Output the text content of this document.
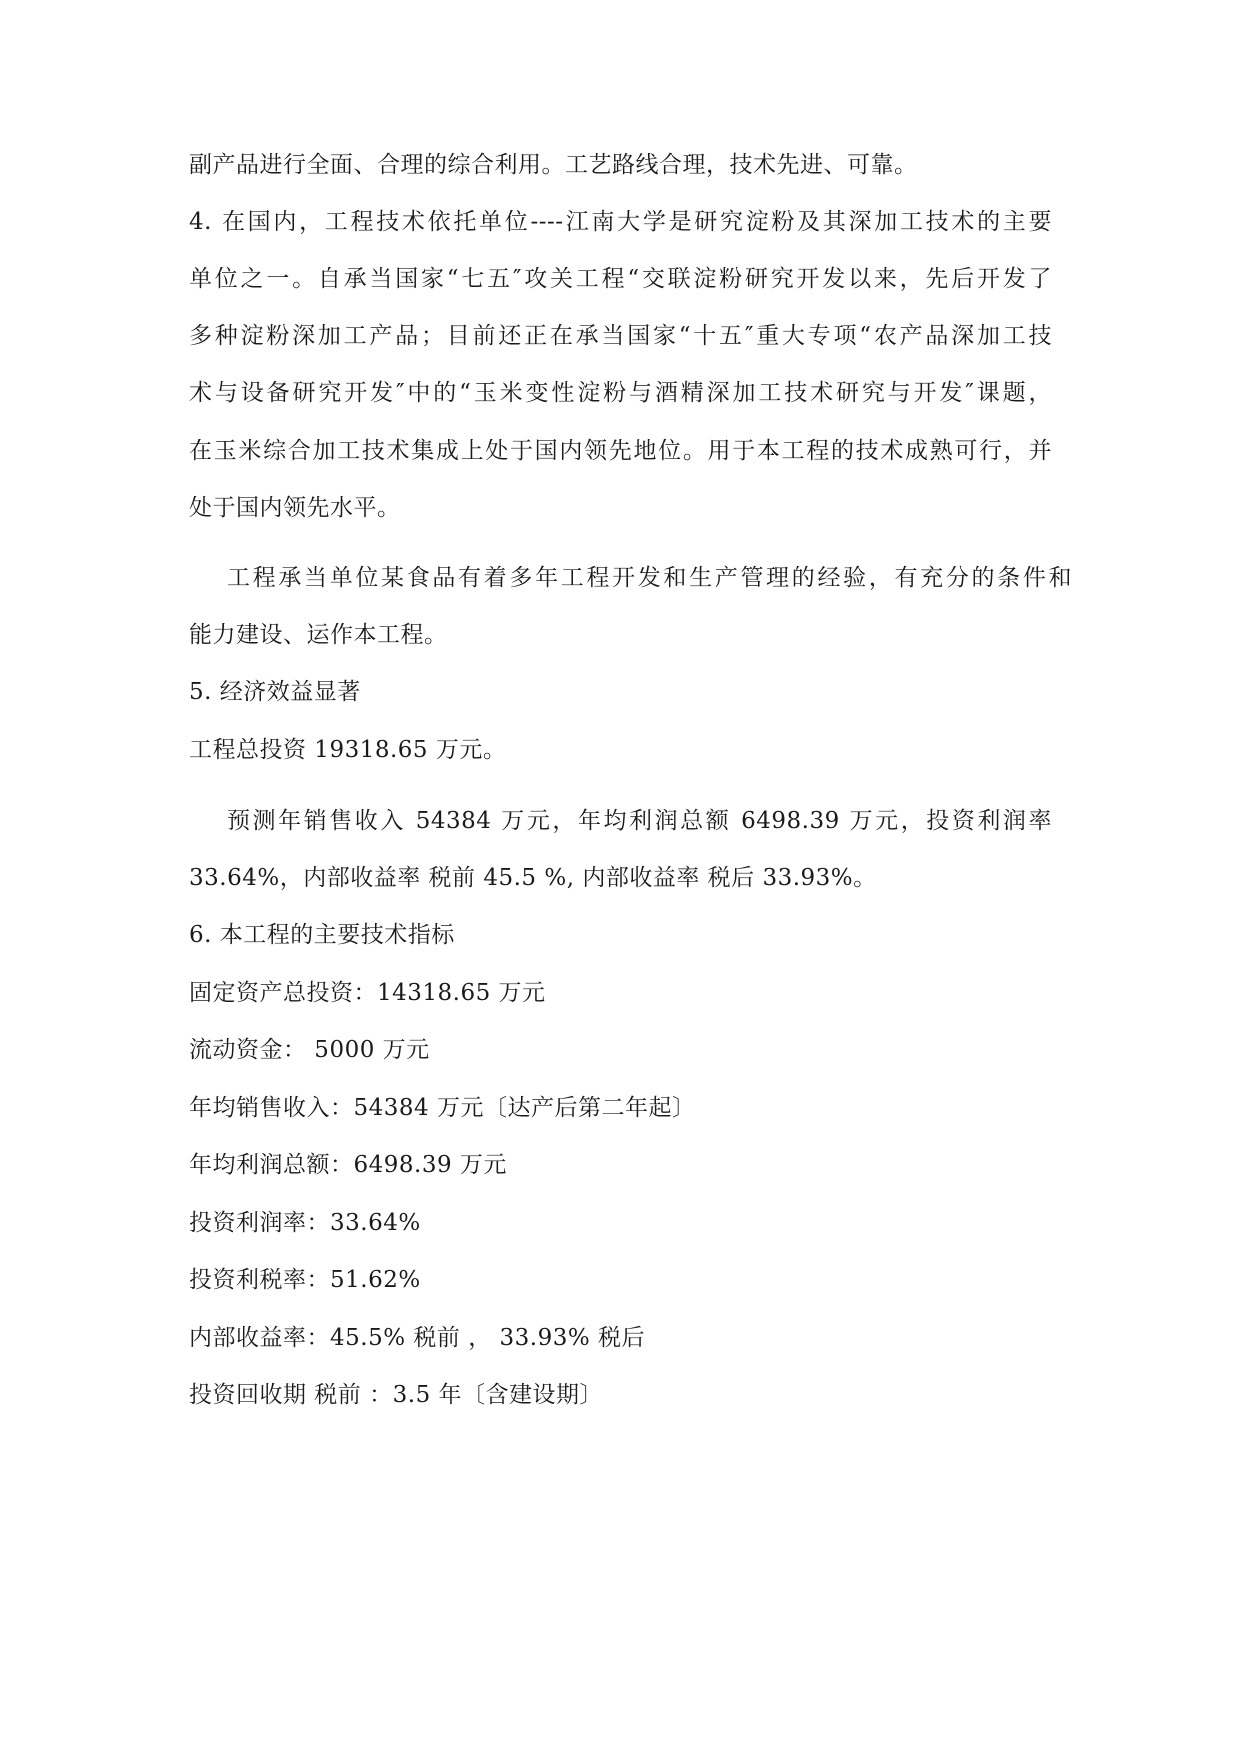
副产品进行全面、合理的综合利用。工艺路线合理，技术先进、可靠。
4. 在国内，工程技术依托单位----江南大学是研究淀粉及其深加工技术的主要
单位之一。自承当国家“七五″攻关工程“交联淀粉研究开发以来，先后开发了
多种淀粉深加工产品；目前还正在承当国家“十五″重大专项“农产品深加工技
术与设备研究开发″中的“玉米变性淀粉与酒精深加工技术研究与开发″课题，
在玉米综合加工技术集成上处于国内领先地位。用于本工程的技术成熟可行，并
处于国内领先水平。
工程承当单位某食品有着多年工程开发和生产管理的经验，有充分的条件和
能力建设、运作本工程。
5. 经济效益显著
工程总投资 19318.65 万元。
预测年销售收入 54384 万元，年均利润总额 6498.39 万元，投资利润率
33.64%，内部收益率 税前 45.5 %, 内部收益率 税后 33.93%。
6. 本工程的主要技术指标
固定资产总投资：14318.65 万元
流动资金： 5000 万元
年均销售收入：54384 万元〔达产后第二年起〕
年均利润总额：6498.39 万元
投资利润率：33.64%
投资利税率：51.62%
内部收益率：45.5% 税前 ， 33.93% 税后
投资回收期 税前 ：3.5 年〔含建设期〕
